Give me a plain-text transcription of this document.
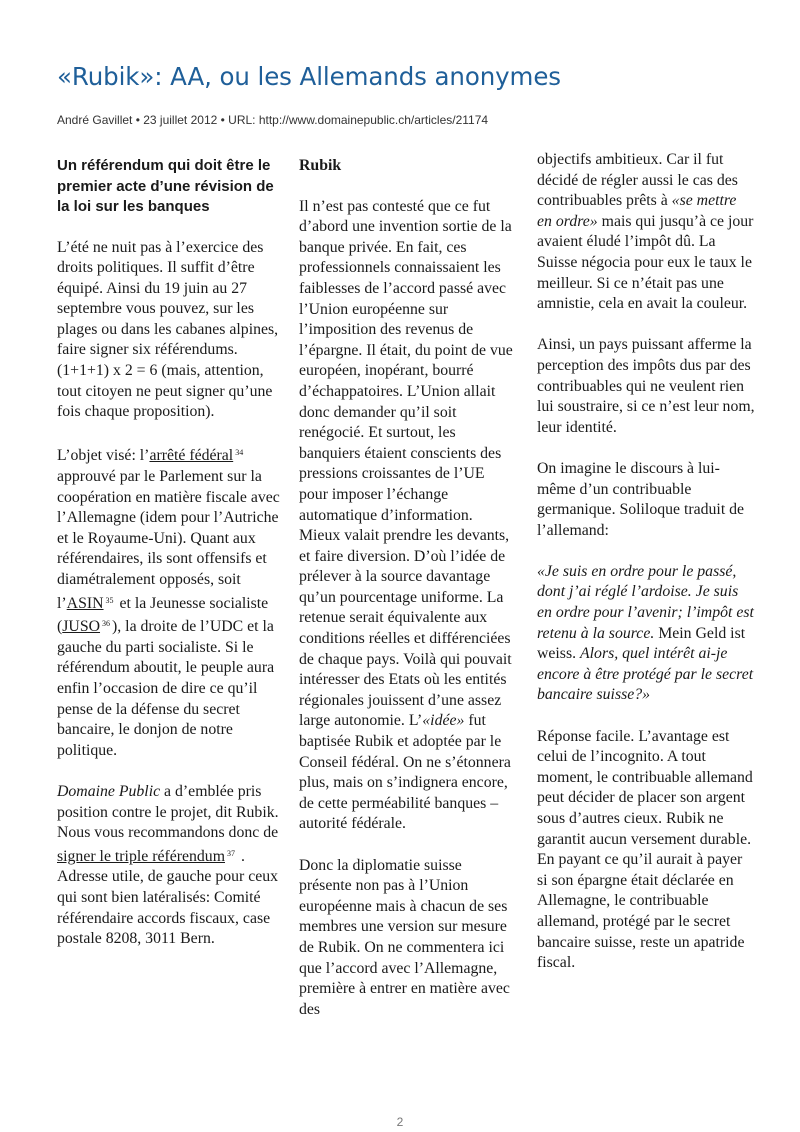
«Rubik»: AA, ou les Allemands anonymes
André Gavillet • 23 juillet 2012 • URL: http://www.domainepublic.ch/articles/21174
Un référendum qui doit être le premier acte d’une révision de la loi sur les banques

L’été ne nuit pas à l’exercice des droits politiques. Il suffit d’être équipé. Ainsi du 19 juin au 27 septembre vous pouvez, sur les plages ou dans les cabanes alpines, faire signer six référendums. (1+1+1) x 2 = 6 (mais, attention, tout citoyen ne peut signer qu’une fois chaque proposition).

L’objet visé: l’arrêté fédéral $^{34}$ approuvé par le Parlement sur la coopération en matière fiscale avec l’Allemagne (idem pour l’Autriche et le Royaume-Uni). Quant aux référendaires, ils sont offensifs et diamétralement opposés, soit l’ASIN $^{35}$ et la Jeunesse socialiste (JUSO $^{36}$ ), la droite de l’UDC et la gauche du parti socialiste. Si le référendum aboutit, le peuple aura enfin l’occasion de dire ce qu’il pense de la défense du secret bancaire, le donjon de notre politique.

Domaine Public a d’emblée pris position contre le projet, dit Rubik. Nous vous recommandons donc de signer le triple référendum $^{37}$ . Adresse utile, de gauche pour ceux qui sont bien latéralisés: Comité référendaire accords fiscaux, case postale 8208, 3011 Bern.

Rubik

Il n’est pas contesté que ce fut d’abord une invention sortie de la banque privée. En fait, ces professionnels connaissaient les faiblesses de l’accord passé avec l’Union européenne sur l’imposition des revenus de l’épargne. Il était, du point de vue européen, inopérant, bourré d’échappatoires. L’Union allait donc demander qu’il soit renégocié. Et surtout, les banquiers étaient conscients des pressions croissantes de l’UE pour imposer l’échange automatique d’information. Mieux valait prendre les devants, et faire diversion. D’où l’idée de prélever à la source davantage qu’un pourcentage uniforme. La retenue serait équivalente aux conditions réelles et différenciées de chaque pays. Voilà qui pouvait intéresser des Etats où les entités régionales jouissent d’une assez large autonomie. L’«idée» fut baptisée Rubik et adoptée par le Conseil fédéral. On ne s’étonnera plus, mais on s’indignera encore, de cette perméabilité banques – autorité fédérale.

Donc la diplomatie suisse présente non pas à l’Union européenne mais à chacun de ses membres une version sur mesure de Rubik. On ne commentera ici que l’accord avec l’Allemagne, première à entrer en matière avec des

objectifs ambitieux. Car il fut décidé de régler aussi le cas des contribuables prêts à «se mettre en ordre» mais qui jusqu’à ce jour avaient éludé l’impôt dû. La Suisse négocia pour eux le taux le meilleur. Si ce n’était pas une amnistie, cela en avait la couleur.

Ainsi, un pays puissant afferme la perception des impôts dus par des contribuables qui ne veulent rien lui soustraire, si ce n’est leur nom, leur identité.

On imagine le discours à lui-même d’un contribuable germanique. Soliloque traduit de l’allemand:

«Je suis en ordre pour le passé, dont j’ai réglé l’ardoise. Je suis en ordre pour l’avenir; l’impôt est retenu à la source. Mein Geld ist weiss. Alors, quel intérêt ai-je encore à être protégé par le secret bancaire suisse?»

Réponse facile. L’avantage est celui de l’incognito. A tout moment, le contribuable allemand peut décider de placer son argent sous d’autres cieux. Rubik ne garantit aucun versement durable. En payant ce qu’il aurait à payer si son épargne était déclarée en Allemagne, le contribuable allemand, protégé par le secret bancaire suisse, reste un apatride fiscal.

2
